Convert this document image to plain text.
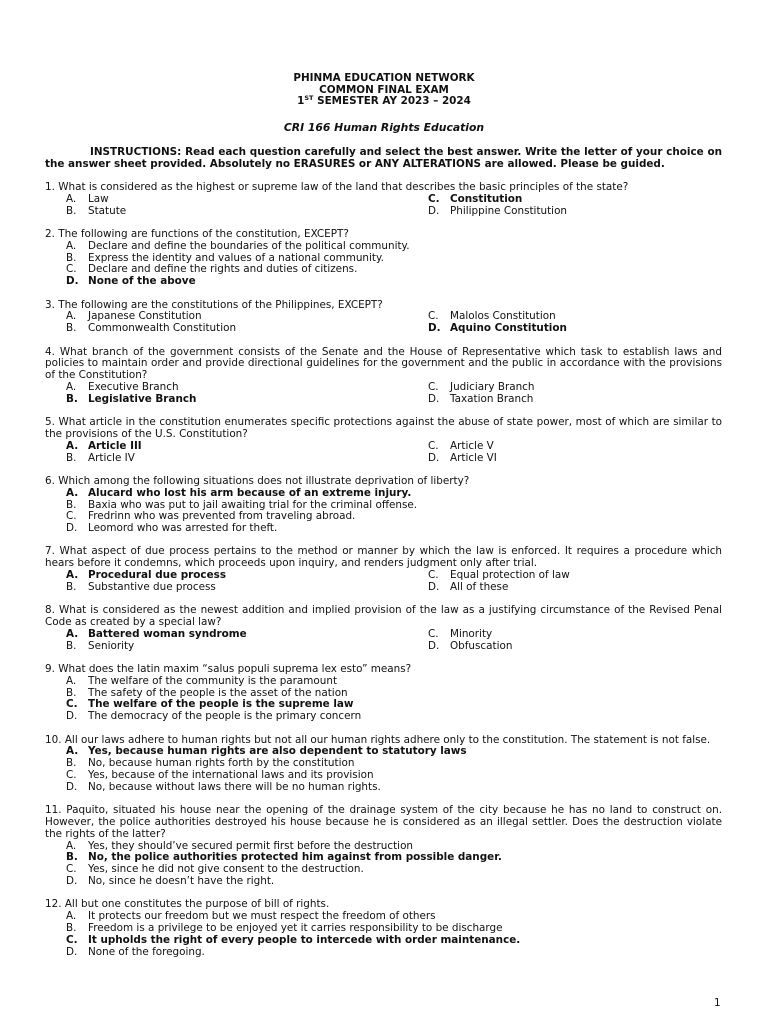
PHINMA EDUCATION NETWORK
COMMON FINAL EXAM
1ST SEMESTER AY 2023 – 2024
CRI 166 Human Rights Education
INSTRUCTIONS: Read each question carefully and select the best answer. Write the letter of your choice on the answer sheet provided. Absolutely no ERASURES or ANY ALTERATIONS are allowed. Please be guided.
1. What is considered as the highest or supreme law of the land that describes the basic principles of the state?
A.	Law	C.	Constitution
B.	Statute	D.	Philippine Constitution
2. The following are functions of the constitution, EXCEPT?
A.	Declare and define the boundaries of the political community.
B.	Express the identity and values of a national community.
C.	Declare and define the rights and duties of citizens.
D. None of the above
3. The following are the constitutions of the Philippines, EXCEPT?
A.	Japanese Constitution	C.	Malolos Constitution
B.	Commonwealth Constitution	D. Aquino Constitution
4. What branch of the government consists of the Senate and the House of Representative which task to establish laws and policies to maintain order and provide directional guidelines for the government and the public in accordance with the provisions of the Constitution?
A.	Executive Branch	C.	Judiciary Branch
B. Legislative Branch	D.	Taxation Branch
5. What article in the constitution enumerates specific protections against the abuse of state power, most of which are similar to the provisions of the U.S. Constitution?
A. Article III	C.	Article V
B.	Article IV	D.	Article VI
6. Which among the following situations does not illustrate deprivation of liberty?
A. Alucard who lost his arm because of an extreme injury.
B.	Baxia who was put to jail awaiting trial for the criminal offense.
C.	Fredrinn who was prevented from traveling abroad.
D.	Leomord who was arrested for theft.
7. What aspect of due process pertains to the method or manner by which the law is enforced. It requires a procedure which hears before it condemns, which proceeds upon inquiry, and renders judgment only after trial.
A. Procedural due process	C.	Equal protection of law
B.	Substantive due process	D.	All of these
8. What is considered as the newest addition and implied provision of the law as a justifying circumstance of the Revised Penal Code as created by a special law?
A. Battered woman syndrome	C.	Minority
B.	Seniority	D.	Obfuscation
9. What does the latin maxim “salus populi suprema lex esto” means?
A.	The welfare of the community is the paramount
B.	The safety of the people is the asset of the nation
C.	The welfare of the people is the supreme law
D.	The democracy of the people is the primary concern
10. All our laws adhere to human rights but not all our human rights adhere only to the constitution. The statement is not false.
A. Yes, because human rights are also dependent to statutory laws
B.	No, because human rights forth by the constitution
C.	Yes, because of the international laws and its provision
D.	No, because without laws there will be no human rights.
11. Paquito, situated his house near the opening of the drainage system of the city because he has no land to construct on. However, the police authorities destroyed his house because he is considered as an illegal settler. Does the destruction violate the rights of the latter?
A.	Yes, they should’ve secured permit first before the destruction
B. No, the police authorities protected him against from possible danger.
C.	Yes, since he did not give consent to the destruction.
D.	No, since he doesn’t have the right.
12. All but one constitutes the purpose of bill of rights.
A.	It protects our freedom but we must respect the freedom of others
B.	Freedom is a privilege to be enjoyed yet it carries responsibility to be discharge
C.	It upholds the right of every people to intercede with order maintenance.
D.	None of the foregoing.
1
